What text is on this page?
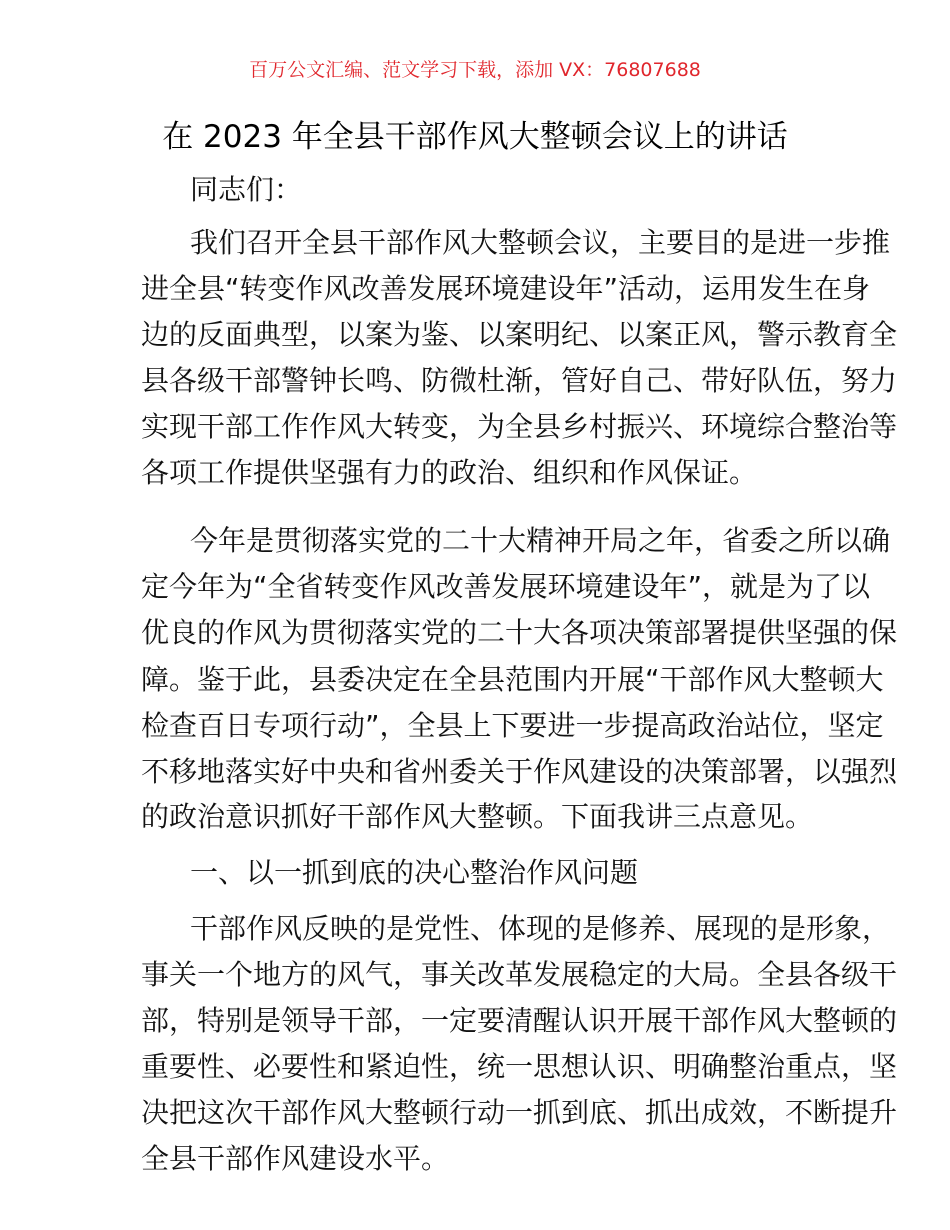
百万公文汇编、范文学习下载，添加 VX：76807688
在 2023 年全县干部作风大整顿会议上的讲话
同志们：
我们召开全县干部作风大整顿会议，主要目的是进一步推
进全县“转变作风改善发展环境建设年”活动，运用发生在身
边的反面典型，以案为鉴、以案明纪、以案正风，警示教育全
县各级干部警钟长鸣、防微杜渐，管好自己、带好队伍，努力
实现干部工作作风大转变，为全县乡村振兴、环境综合整治等
各项工作提供坚强有力的政治、组织和作风保证。
今年是贯彻落实党的二十大精神开局之年，省委之所以确
定今年为“全省转变作风改善发展环境建设年”，就是为了以
优良的作风为贯彻落实党的二十大各项决策部署提供坚强的保
障。鉴于此，县委决定在全县范围内开展“干部作风大整顿大
检查百日专项行动”，全县上下要进一步提高政治站位，坚定
不移地落实好中央和省州委关于作风建设的决策部署，以强烈
的政治意识抓好干部作风大整顿。下面我讲三点意见。
一、以一抓到底的决心整治作风问题
干部作风反映的是党性、体现的是修养、展现的是形象，
事关一个地方的风气，事关改革发展稳定的大局。全县各级干
部，特别是领导干部，一定要清醒认识开展干部作风大整顿的
重要性、必要性和紧迫性，统一思想认识、明确整治重点，坚
决把这次干部作风大整顿行动一抓到底、抓出成效，不断提升
全县干部作风建设水平。
